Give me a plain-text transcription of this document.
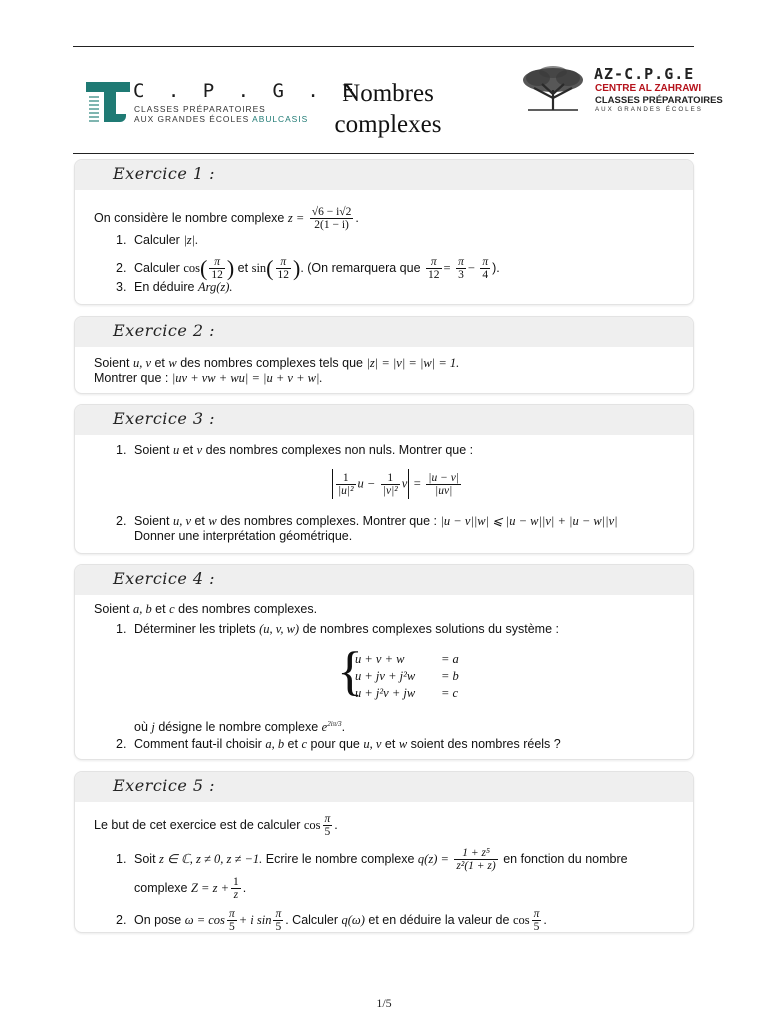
C . P . G . E
CLASSES PRÉPARATOIRES
AUX GRANDES ÉCOLES ABULCASIS
Nombres
complexes
AZ-C.P.G.E
CENTRE AL ZAHRAWI
CLASSES PRÉPARATOIRES
AUX GRANDES ÉCOLES
Exercice 1 :
On considère le nombre complexe $z = \frac{√6 - i√2}{2(1 - i)}$ .
1. Calculer |z|.
2. Calculer $\cos( \frac{\pi}{12}$ ) et $\sin( \frac{\pi}{12}$ ). (On remarquera que $\frac{\pi}{12} = \frac{\pi}{3} - \frac{\pi}{4}$ ).
3. En déduire Arg(z).
Exercice 2 :
Soient u, v et w des nombres complexes tels que |z| = |v| = |w| = 1.
Montrer que : |uv + vw + wu| = |u + v + w|.
Exercice 3 :
1. Soient u et v des nombres complexes non nuls. Montrer que :
$\frac{1}{\text{|u|²}}$ $u - \frac{1}{\text{|v|²}}$ $v = \frac{|u - v|}{|uv|}$
2. Soient u, v et w des nombres complexes. Montrer que : |u − v||w| ⩽ |u − w||v| + |u − w||v|
Donner une interprétation géométrique.
Exercice 4 :
Soient a, b et c des nombres complexes.
1. Déterminer les triplets (u, v, w) de nombres complexes solutions du système :
{
u + v + w	= a
u + jv + j²w = b
u + j²v + jw = c
où j désigne le nombre complexe $e^{2i\pi/3}$.
2. Comment faut-il choisir a, b et c pour que u, v et w soient des nombres réels ?
Exercice 5 :
Le but de cet exercice est de calculer $\cos \frac{\pi}{5}$ .
1. Soit z ∈ ℂ, z ≠ 0, z ≠ −1. Ecrire le nombre complexe $q(z) = \frac{\text{1 + z⁵}}{\text{z²(1 + z)}}$ en fonction du nombre
complexe $Z = z + \frac{1}{z}$ .
2. On pose $\omega = \cos \frac{\pi}{5} + i$ $\sin \frac{\pi}{5}$ . Calculer q(ω) et en déduire la valeur de $\cos \frac{\pi}{5}$ .
1/5
